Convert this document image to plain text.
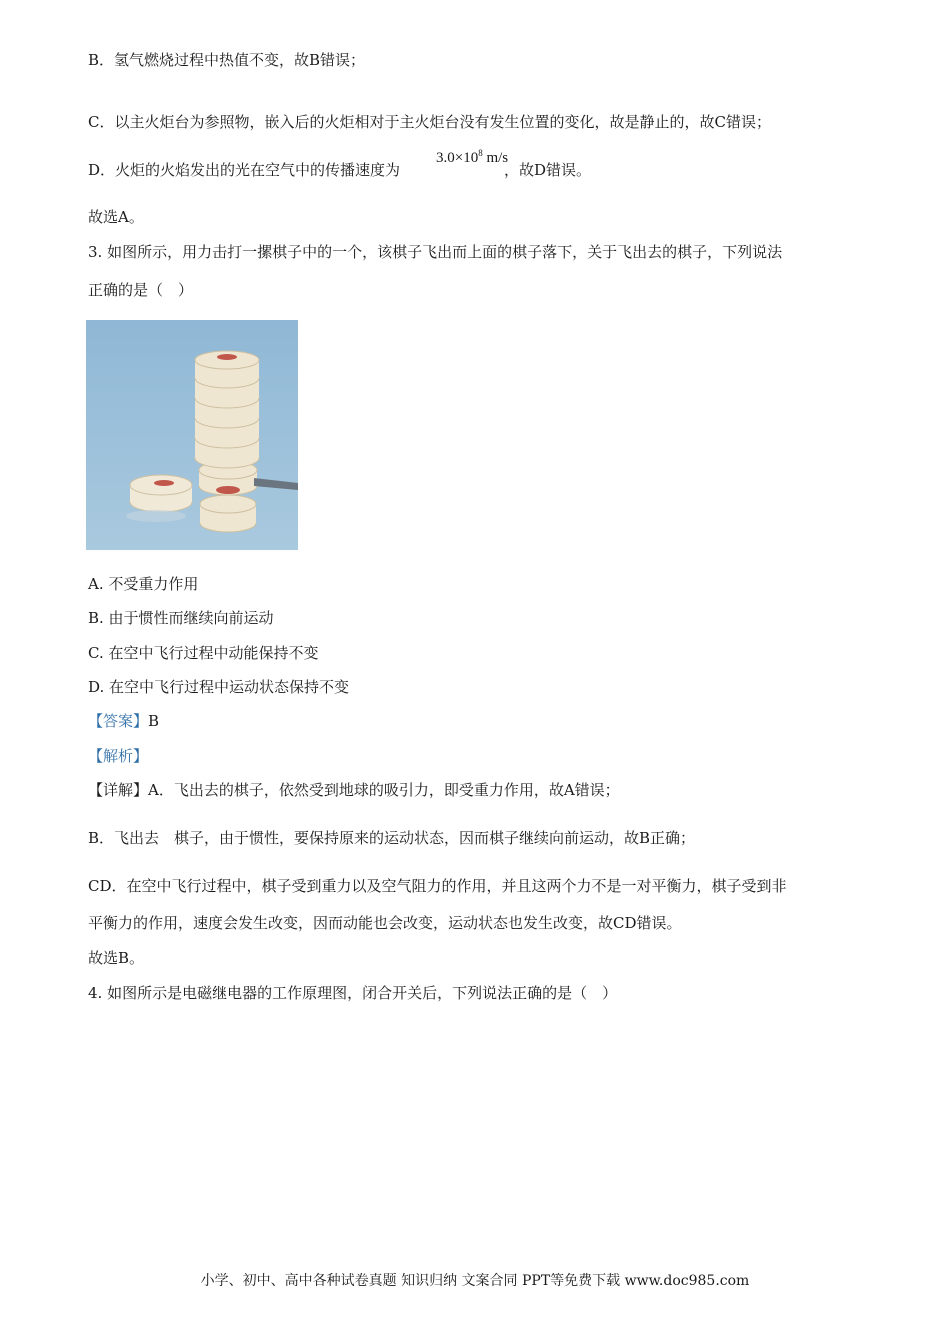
B．氢气燃烧过程中热值不变，故B错误；
C．以主火炬台为参照物，嵌入后的火炬相对于主火炬台没有发生位置的变化，故是静止的，故C错误；
D．火炬的火焰发出的光在空气中的传播速度为	，故D错误。
$3.0\times 10^8$ m/s
故选A。
3. 如图所示，用力击打一摞棋子中的一个，该棋子飞出而上面的棋子落下，关于飞出去的棋子，下列说法
正确的是（　）
A. 不受重力作用
B. 由于惯性而继续向前运动
C. 在空中飞行过程中动能保持不变
D. 在空中飞行过程中运动状态保持不变
【答案】B
【解析】
【详解】A．飞出去的棋子，依然受到地球的吸引力，即受重力作用，故A错误；
B．飞出去　棋子，由于惯性，要保持原来的运动状态，因而棋子继续向前运动，故B正确；
CD．在空中飞行过程中，棋子受到重力以及空气阻力的作用，并且这两个力不是一对平衡力，棋子受到非
平衡力的作用，速度会发生改变，因而动能也会改变，运动状态也发生改变，故CD错误。
故选B。
4. 如图所示是电磁继电器的工作原理图，闭合开关后，下列说法正确的是（　）
小学、初中、高中各种试卷真题 知识归纳 文案合同 PPT等免费下载 www.doc985.com
